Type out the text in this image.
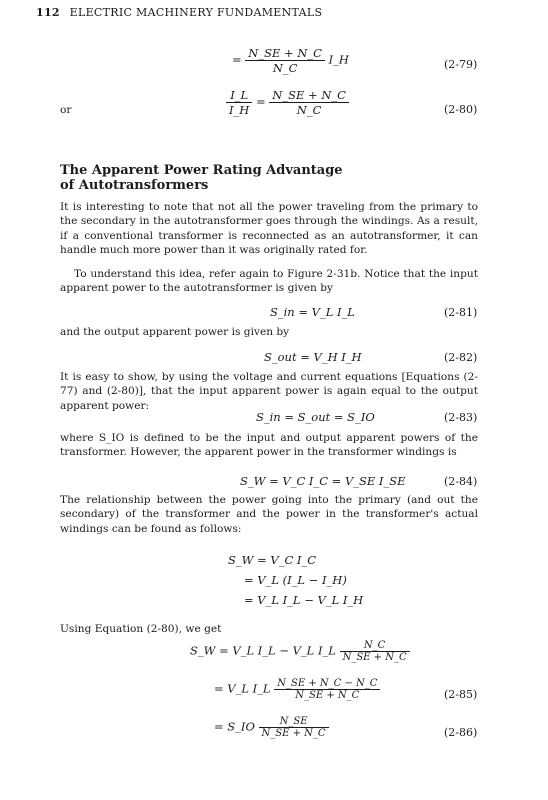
112 ELECTRIC MACHINERY FUNDAMENTALS
= $\frac{N\_SE + N\_C}{N\_C}$ I_H	(2-79)
or	$\frac{I\_L}{I\_H} = \frac{N\_SE + N\_C}{N\_C}$	(2-80)
The Apparent Power Rating Advantage
of Autotransformers
It is interesting to note that not all the power traveling from the primary to the secondary in the autotransformer goes through the windings. As a result, if a conventional transformer is reconnected as an autotransformer, it can handle much more power than it was originally rated for.
To understand this idea, refer again to Figure 2-31b. Notice that the input apparent power to the autotransformer is given by
S_in = V_L I_L	(2-81)
and the output apparent power is given by
S_out = V_H I_H	(2-82)
It is easy to show, by using the voltage and current equations [Equations (2-77) and (2-80)], that the input apparent power is again equal to the output apparent power:
S_in = S_out = S_IO	(2-83)
where S_IO is defined to be the input and output apparent powers of the transformer. However, the apparent power in the transformer windings is
S_W = V_C I_C = V_SE I_SE	(2-84)
The relationship between the power going into the primary (and out the secondary) of the transformer and the power in the transformer's actual windings can be found as follows:
S_W = V_C I_C
= V_L (I_L − I_H)
= V_L I_L − V_L I_H
Using Equation (2-80), we get
S_W = V_L I_L − V_L I_L $\frac{N\_C}{N\_SE + N\_C}$
= V_L I_L $\frac{N\_SE + N\_C - N\_C}{N\_SE + N\_C}$	(2-85)
= S_IO $\frac{N\_SE}{N\_SE + N\_C}$	(2-86)
